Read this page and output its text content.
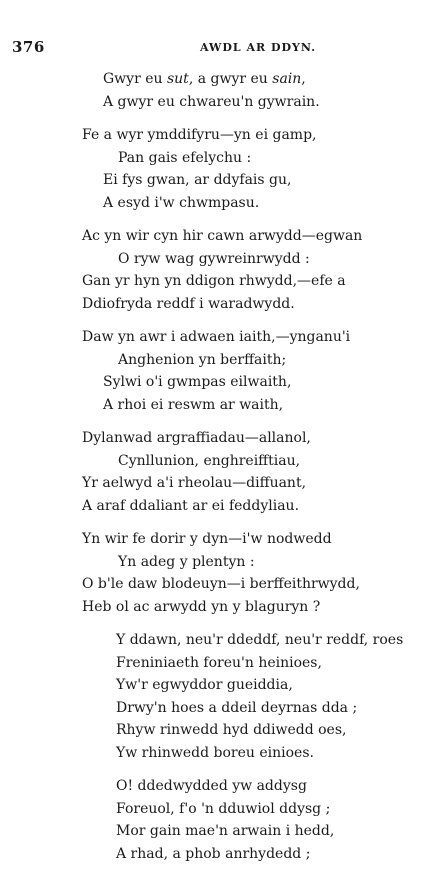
376	AWDL AR DDYN.
Gwyr eu sut, a gwyr eu sain,
A gwyr eu chwareu'n gywrain.
Fe a wyr ymddifyru—yn ei gamp,
Pan gais efelychu :
Ei fys gwan, ar ddyfais gu,
A esyd i'w chwmpasu.
Ac yn wir cyn hir cawn arwydd—egwan
O ryw wag gywreinrwydd :
Gan yr hyn yn ddigon rhwydd,—efe a
Ddiofryda reddf i waradwydd.
Daw yn awr i adwaen iaith,—ynganu'i
Anghenion yn berffaith;
Sylwi o'i gwmpas eilwaith,
A rhoi ei reswm ar waith,
Dylanwad argraffiadau—allanol,
Cynllunion, enghreifftiau,
Yr aelwyd a'i rheolau—diffuant,
A araf ddaliant ar ei feddyliau.
Yn wir fe dorir y dyn—i'w nodwedd
Yn adeg y plentyn :
O b'le daw blodeuyn—i berffeithrwydd,
Heb ol ac arwydd yn y blaguryn ?
Y ddawn, neu'r ddeddf, neu'r reddf, roes
Freniniaeth foreu'n heinioes,
Yw'r egwyddor gueiddia,
Drwy'n hoes a ddeil deyrnas dda ;
Rhyw rinwedd hyd ddiwedd oes,
Yw rhinwedd boreu einioes.
O! ddedwydded yw addysg
Foreuol, f'o 'n dduwiol ddysg ;
Mor gain mae'n arwain i hedd,
A rhad, a phob anrhydedd ;
